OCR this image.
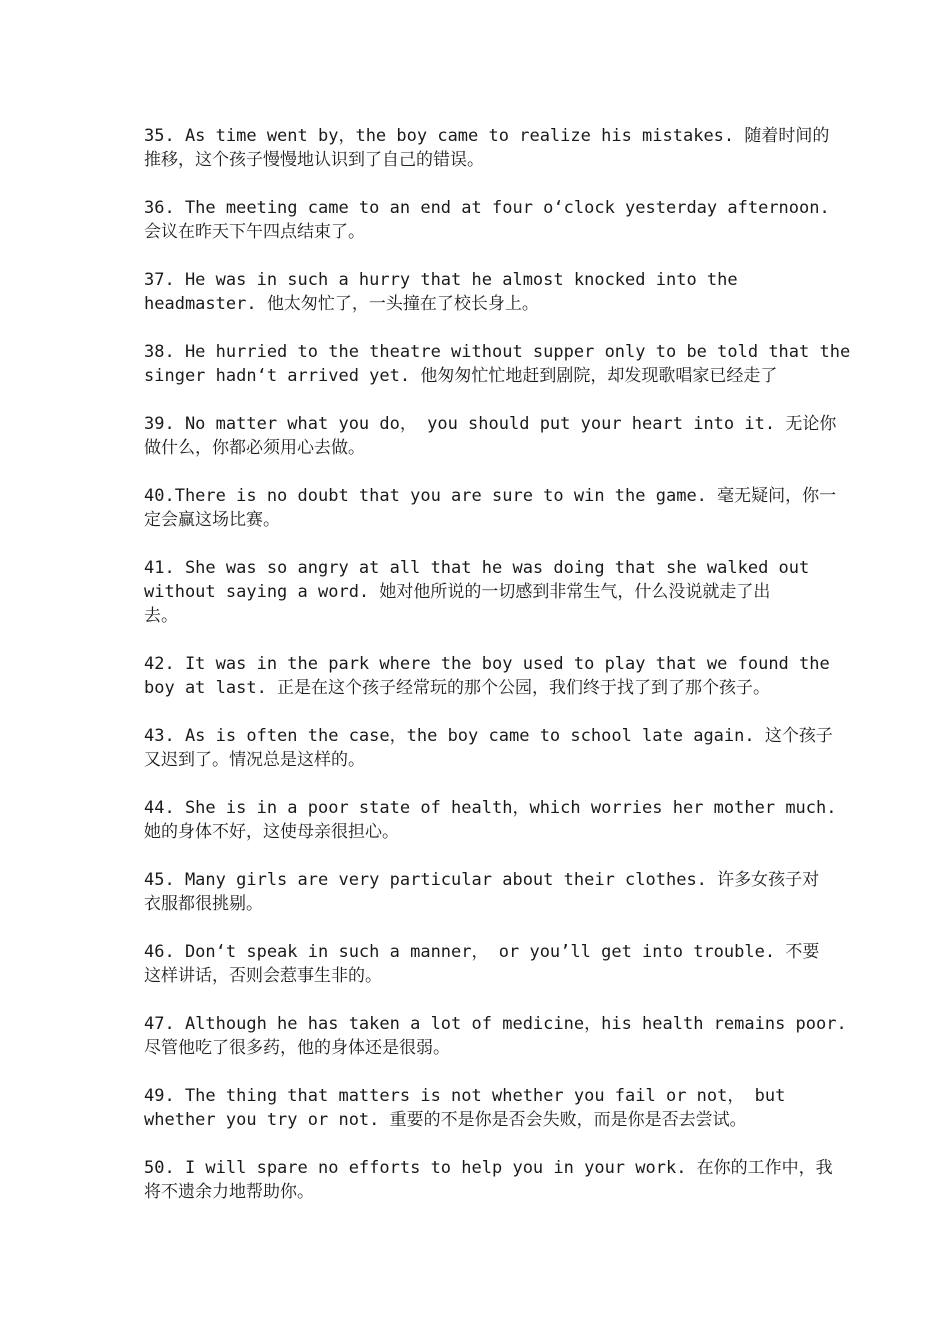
35. As time went by，the boy came to realize his mistakes. 随着时间的
推移，这个孩子慢慢地认识到了自己的错误。

36. The meeting came to an end at four o‘clock yesterday afternoon.
会议在昨天下午四点结束了。

37. He was in such a hurry that he almost knocked into the
headmaster. 他太匆忙了，一头撞在了校长身上。

38. He hurried to the theatre without supper only to be told that the
singer hadn‘t arrived yet. 他匆匆忙忙地赶到剧院，却发现歌唱家已经走了

39. No matter what you do， you should put your heart into it. 无论你
做什么，你都必须用心去做。

40.There is no doubt that you are sure to win the game. 毫无疑问，你一
定会赢这场比赛。

41. She was so angry at all that he was doing that she walked out
without saying a word. 她对他所说的一切感到非常生气，什么没说就走了出
去。

42. It was in the park where the boy used to play that we found the
boy at last. 正是在这个孩子经常玩的那个公园，我们终于找了到了那个孩子。

43. As is often the case，the boy came to school late again. 这个孩子
又迟到了。情况总是这样的。

44. She is in a poor state of health，which worries her mother much.
她的身体不好，这使母亲很担心。

45. Many girls are very particular about their clothes. 许多女孩子对
衣服都很挑剔。

46. Don‘t speak in such a manner， or you’ll get into trouble. 不要
这样讲话，否则会惹事生非的。

47. Although he has taken a lot of medicine，his health remains poor.
尽管他吃了很多药，他的身体还是很弱。

49. The thing that matters is not whether you fail or not， but
whether you try or not. 重要的不是你是否会失败，而是你是否去尝试。

50. I will spare no efforts to help you in your work. 在你的工作中，我
将不遗余力地帮助你。
